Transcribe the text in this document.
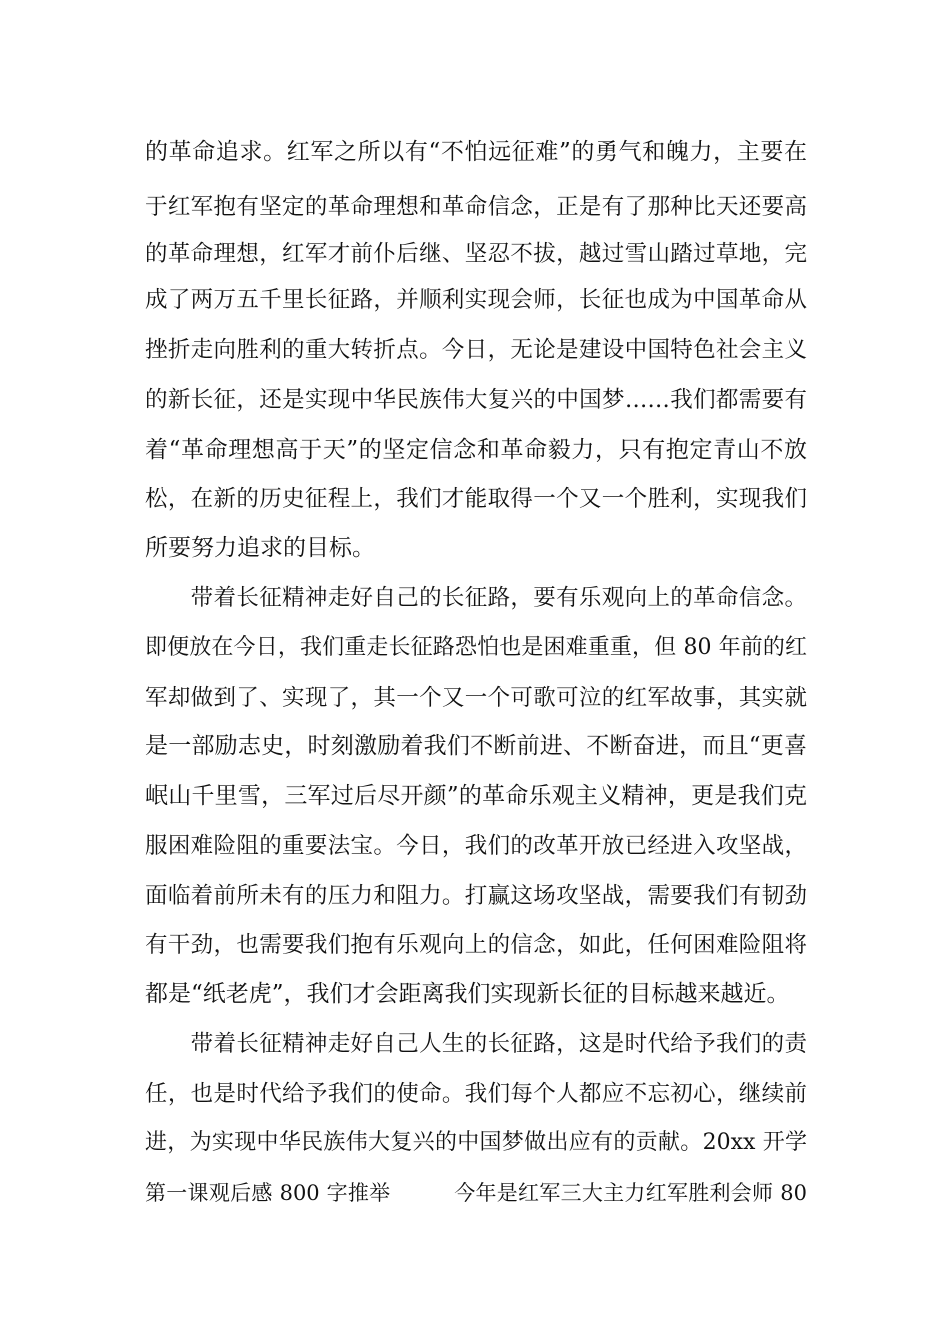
的革命追求。红军之所以有“不怕远征难”的勇气和魄力，主要在
于红军抱有坚定的革命理想和革命信念，正是有了那种比天还要高
的革命理想，红军才前仆后继、坚忍不拔，越过雪山踏过草地，完
成了两万五千里长征路，并顺利实现会师，长征也成为中国革命从
挫折走向胜利的重大转折点。今日，无论是建设中国特色社会主义
的新长征，还是实现中华民族伟大复兴的中国梦……我们都需要有
着“革命理想高于天”的坚定信念和革命毅力，只有抱定青山不放
松，在新的历史征程上，我们才能取得一个又一个胜利，实现我们
所要努力追求的目标。
　　带着长征精神走好自己的长征路，要有乐观向上的革命信念。
即便放在今日，我们重走长征路恐怕也是困难重重，但 80 年前的红
军却做到了、实现了，其一个又一个可歌可泣的红军故事，其实就
是一部励志史，时刻激励着我们不断前进、不断奋进，而且“更喜
岷山千里雪，三军过后尽开颜”的革命乐观主义精神，更是我们克
服困难险阻的重要法宝。今日，我们的改革开放已经进入攻坚战，
面临着前所未有的压力和阻力。打赢这场攻坚战，需要我们有韧劲
有干劲，也需要我们抱有乐观向上的信念，如此，任何困难险阻将
都是“纸老虎”，我们才会距离我们实现新长征的目标越来越近。
　　带着长征精神走好自己人生的长征路，这是时代给予我们的责
任，也是时代给予我们的使命。我们每个人都应不忘初心，继续前
进，为实现中华民族伟大复兴的中国梦做出应有的贡献。20xx 开学
第一课观后感 800 字推举　　　今年是红军三大主力红军胜利会师 80
